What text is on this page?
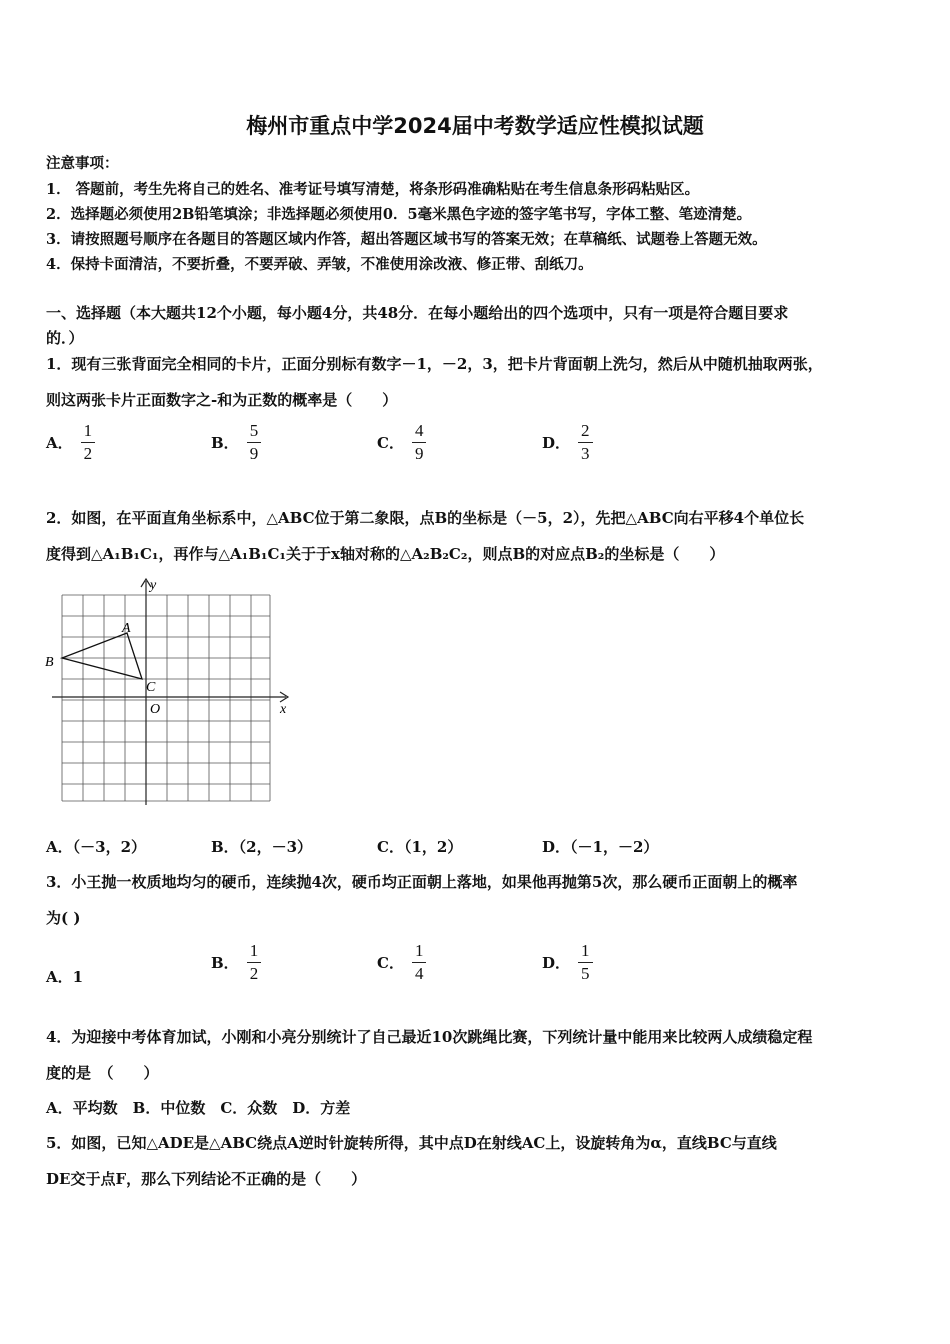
梅州市重点中学2024届中考数学适应性模拟试题
注意事项：
1． 答题前，考生先将自己的姓名、准考证号填写清楚，将条形码准确粘贴在考生信息条形码粘贴区。
2．选择题必须使用2B铅笔填涂；非选择题必须使用0．5毫米黑色字迹的签字笔书写，字体工整、笔迹清楚。
3．请按照题号顺序在各题目的答题区域内作答，超出答题区域书写的答案无效；在草稿纸、试题卷上答题无效。
4．保持卡面清洁，不要折叠，不要弄破、弄皱，不准使用涂改液、修正带、刮纸刀。
一、选择题（本大题共12个小题，每小题4分，共48分．在每小题给出的四个选项中，只有一项是符合题目要求
的．）
1．现有三张背面完全相同的卡片，正面分别标有数字－1，－2，3，把卡片背面朝上洗匀，然后从中随机抽取两张，
则这两张卡片正面数字之-和为正数的概率是（　　）
A． $\frac{1}{2}$	B． $\frac{5}{9}$	C． $\frac{4}{9}$	D． $\frac{2}{3}$
2．如图，在平面直角坐标系中，△ABC位于第二象限，点B的坐标是（－5，2），先把△ABC向右平移4个单位长
度得到△A₁B₁C₁，再作与△A₁B₁C₁关于于x轴对称的△A₂B₂C₂，则点B的对应点B₂的坐标是（　　）
y
x
O
A
B
C
A．（－3，2）	B．（2，－3）	C．（1，2）	D．（－1，－2）
3．小王抛一枚质地均匀的硬币，连续抛4次，硬币均正面朝上落地，如果他再抛第5次，那么硬币正面朝上的概率
为( )
A．1
B． $\frac{1}{2}$	C． $\frac{1}{4}$	D． $\frac{1}{5}$
4．为迎接中考体育加试，小刚和小亮分别统计了自己最近10次跳绳比赛，下列统计量中能用来比较两人成绩稳定程
度的是　（　　）
A．平均数　B．中位数　C．众数　D．方差
5．如图，已知△ADE是△ABC绕点A逆时针旋转所得，其中点D在射线AC上，设旋转角为α，直线BC与直线
DE交于点F，那么下列结论不正确的是（　　）
